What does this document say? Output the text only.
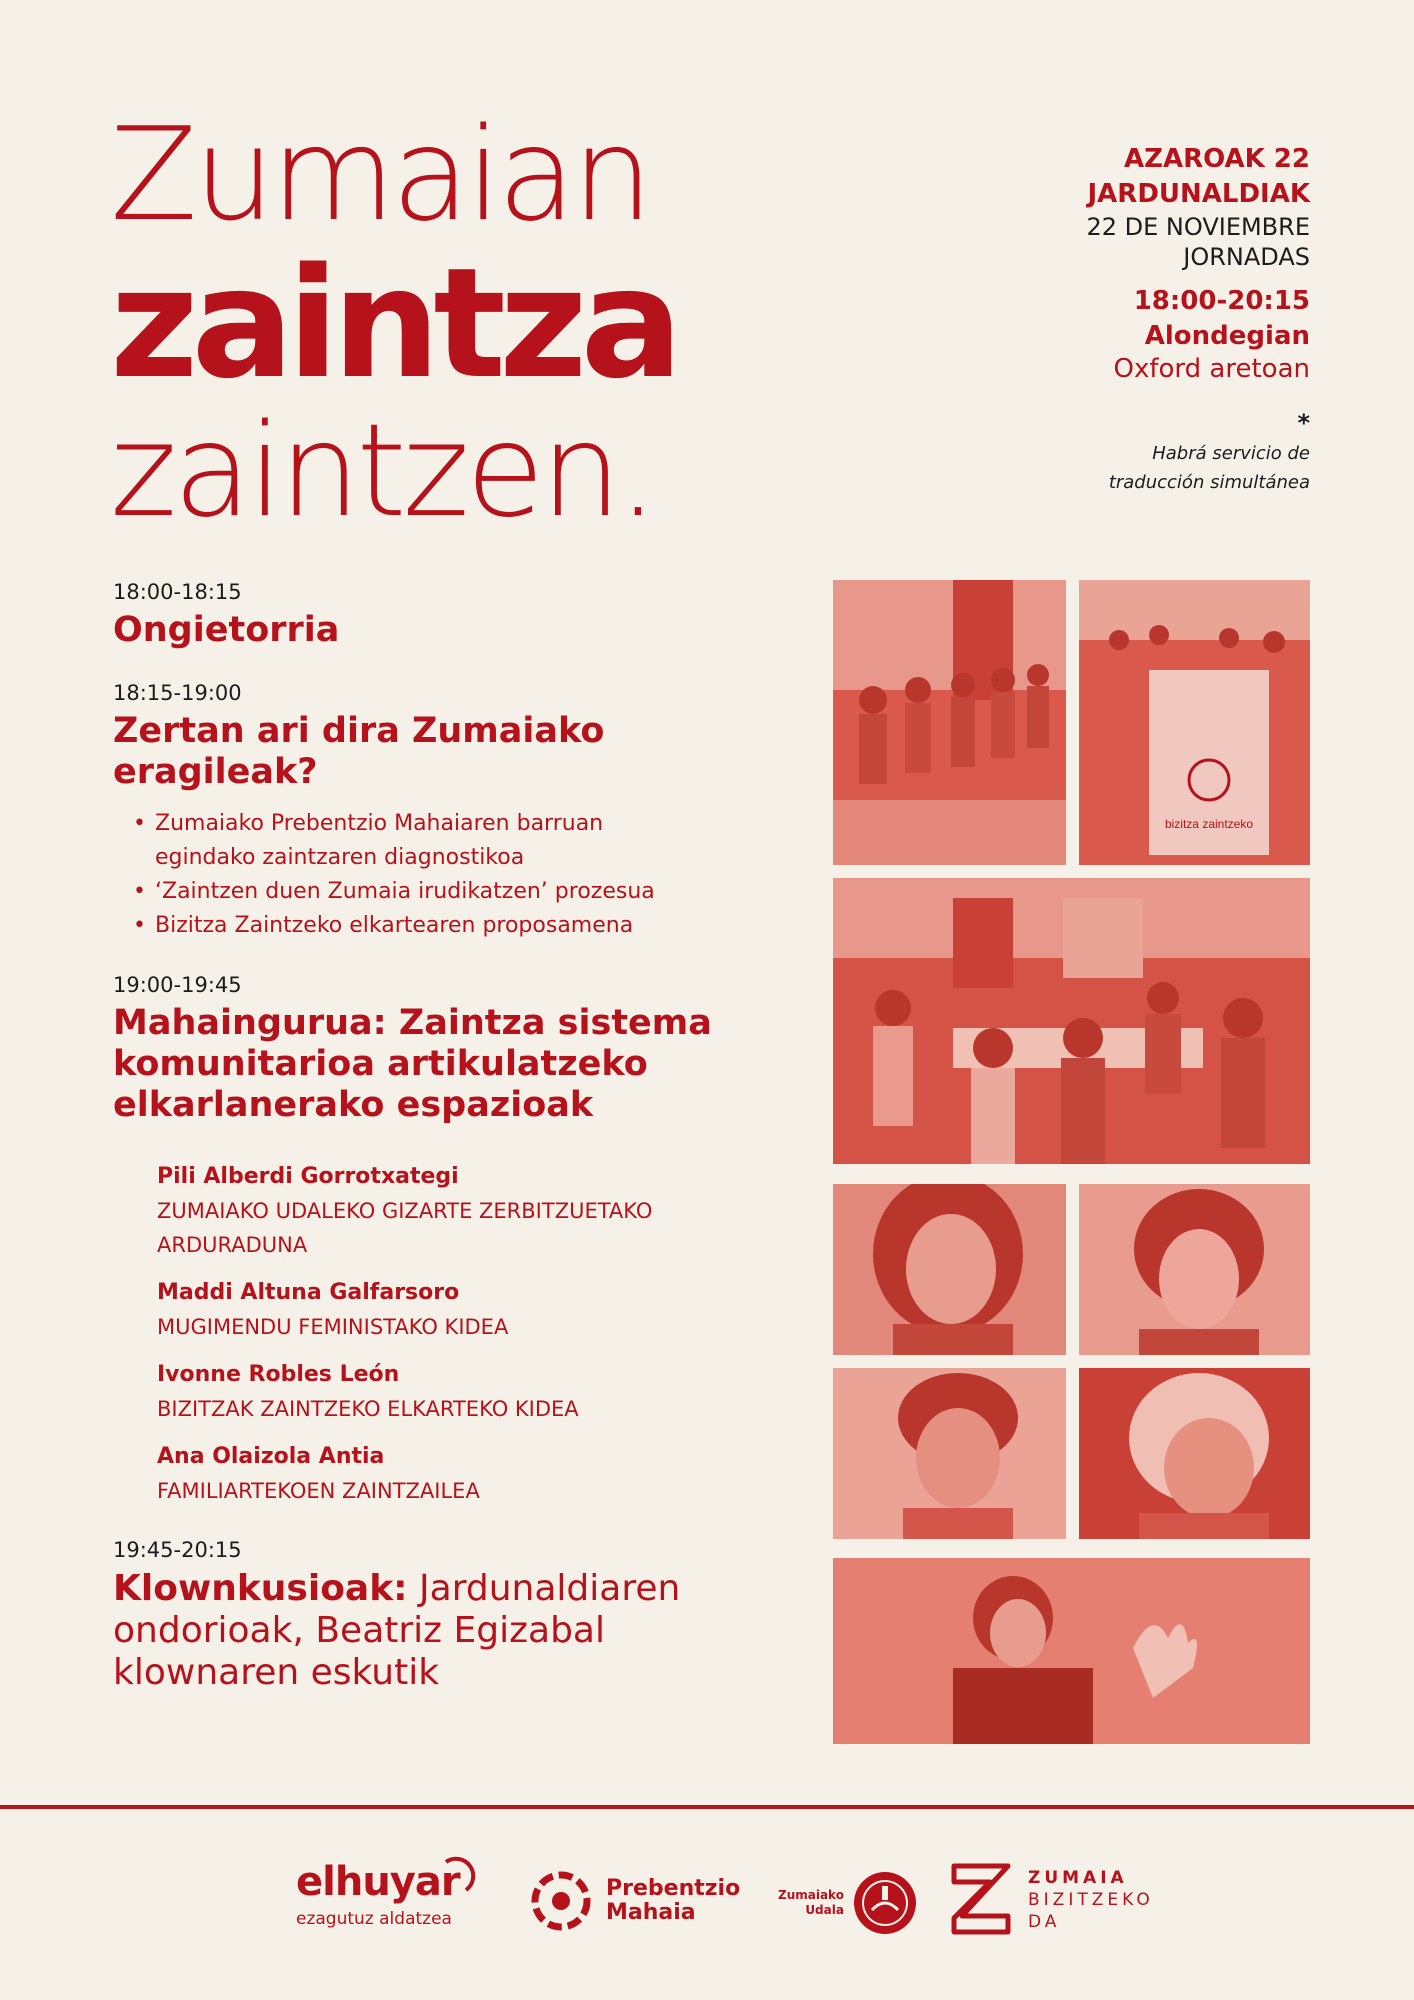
Zumaian
zaintza
zaintzen.
AZAROAK 22
JARDUNALDIAK
22 DE NOVIEMBRE
JORNADAS
18:00-20:15
Alondegian
Oxford aretoan
*
Habrá servicio de
traducción simultánea
18:00-18:15
Ongietorria
18:15-19:00
Zertan ari dira Zumaiako eragileak?
• Zumaiako Prebentzio Mahaiaren barruan egindako zaintzaren diagnostikoa
• ‘Zaintzen duen Zumaia irudikatzen’ prozesua
• Bizitza Zaintzeko elkartearen proposamena
19:00-19:45
Mahaingurua: Zaintza sistema komunitarioa artikulatzeko elkarlanerako espazioak
Pili Alberdi Gorrotxategi
ZUMAIAKO UDALEKO GIZARTE ZERBITZUETAKO ARDURADUNA
Maddi Altuna Galfarsoro
MUGIMENDU FEMINISTAKO KIDEA
Ivonne Robles León
BIZITZAK ZAINTZEKO ELKARTEKO KIDEA
Ana Olaizola Antia
FAMILIARTEKOEN ZAINTZAILEA
19:45-20:15
Klownkusioak: Jardunaldiaren ondorioak, Beatriz Egizabal klownaren eskutik
bizitza zaintzeko
elhuyar
ezagutuz aldatzea
Prebentzio
Mahaia
Zumaiako
Udala
ZUMAIA
BIZITZEKO
DA
